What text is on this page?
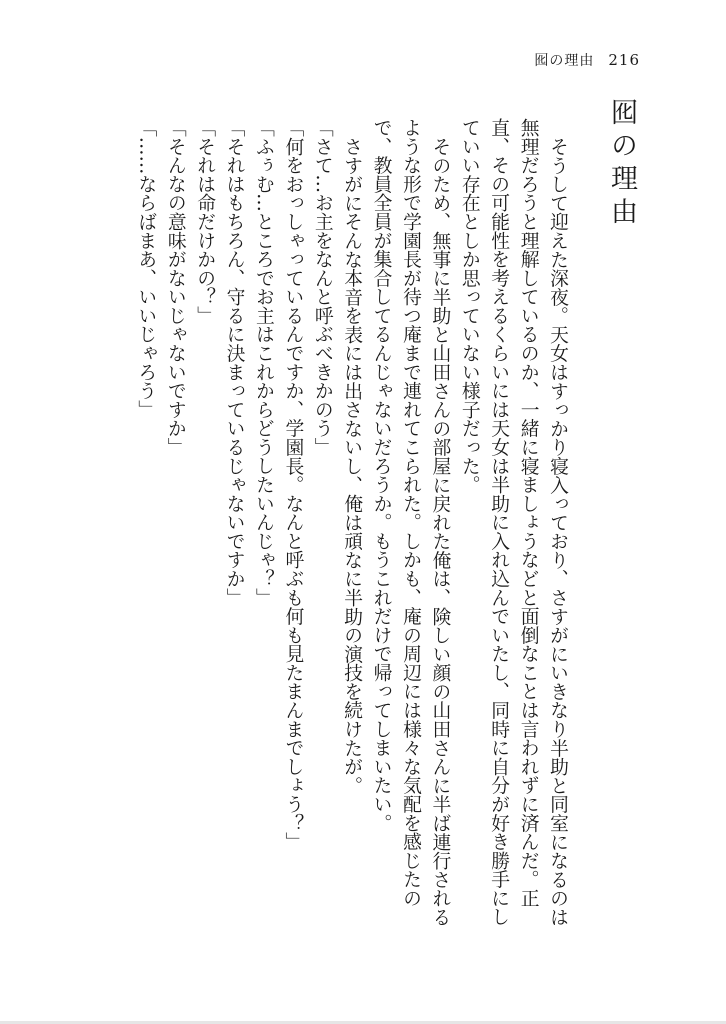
囮の理由 216
囮の理由

そうして迎えた深夜。天女はすっかり寝入っており、さすがにいきなり半助と同室になるのは無理だろうと理解しているのか、一緒に寝ましょうなどと面倒なことは言われずに済んだ。正直、その可能性を考えるくらいには天女は半助に入れ込んでいたし、同時に自分が好き勝手にしていい存在としか思っていない様子だった。

そのため、無事に半助と山田さんの部屋に戻れた俺は、険しい顔の山田さんに半ば連行されるような形で学園長が待つ庵まで連れてこられた。しかも、庵の周辺には様々な気配を感じたので、教員全員が集合してるんじゃないだろうか。もうこれだけで帰ってしまいたい。

さすがにそんな本音を表には出さないし、俺は頑なに半助の演技を続けたが。

「さて…お主をなんと呼ぶべきかのう」

「何をおっしゃっているんですか、学園長。なんと呼ぶも何も見たまんまでしょう？」

「ふぅむ…ところでお主はこれからどうしたいんじゃ？」

「それはもちろん、守るに決まっているじゃないですか」

「それは命だけかの？」

「そんなの意味がないじゃないですか」

「……ならばまあ、いいじゃろう」
